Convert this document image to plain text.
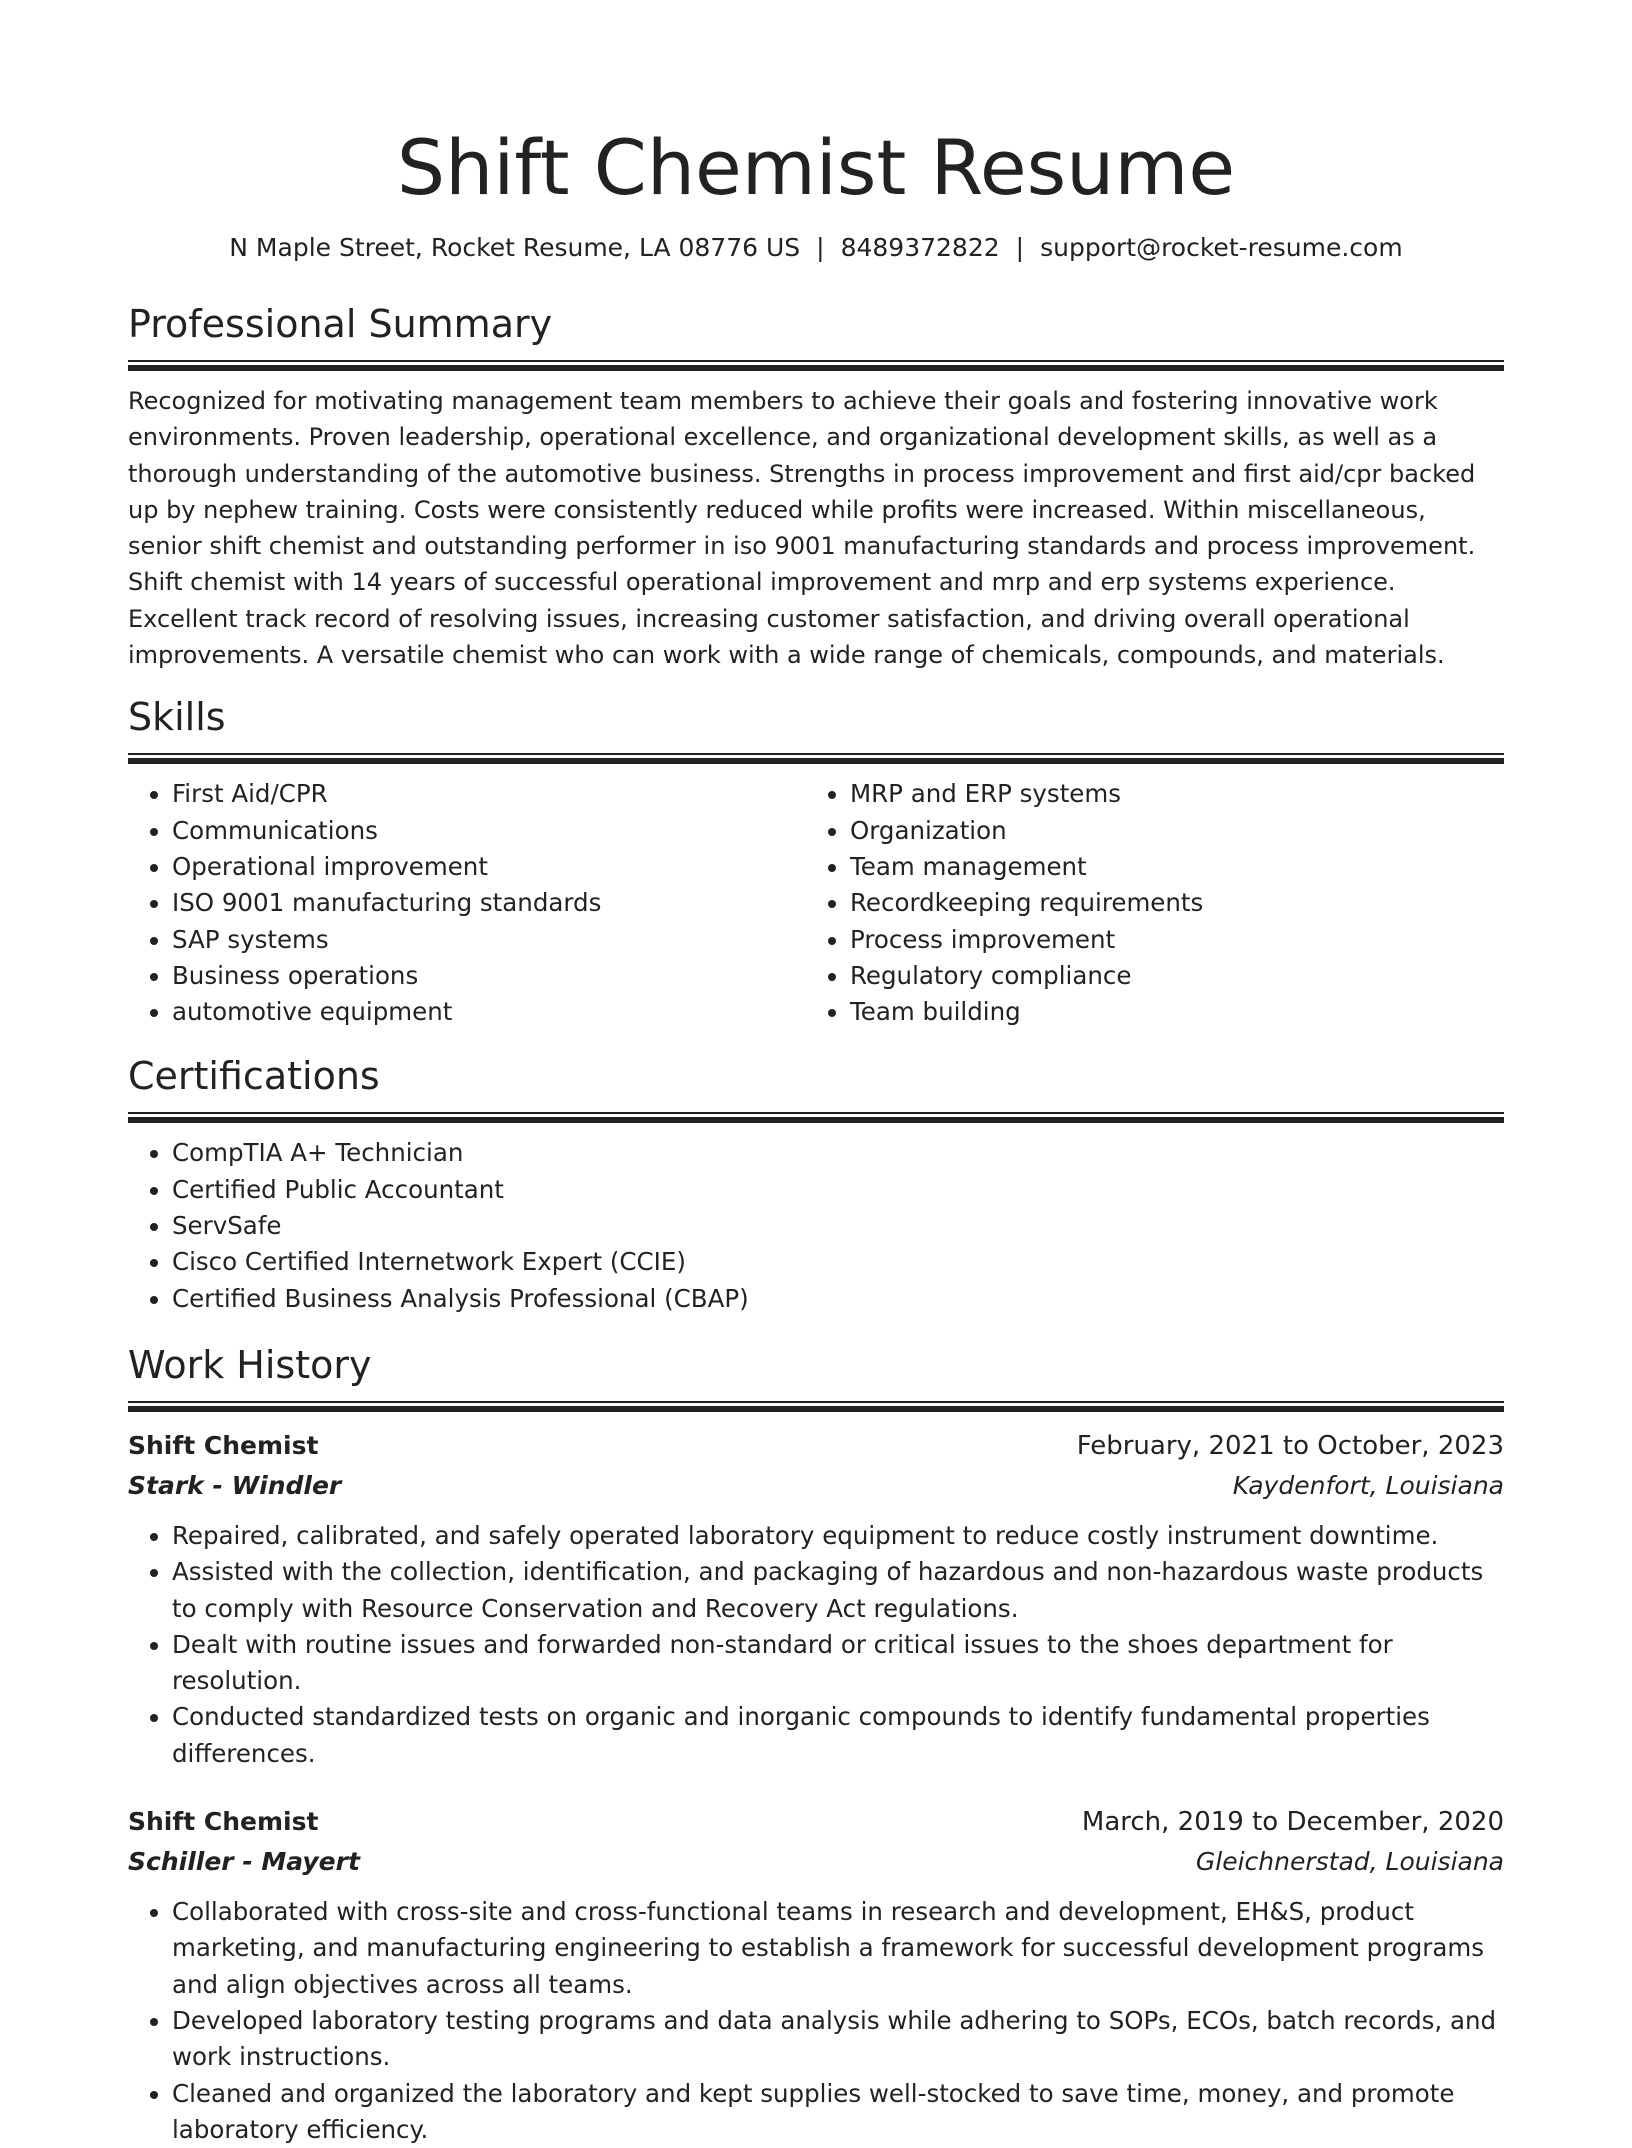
Shift Chemist Resume
N Maple Street, Rocket Resume, LA 08776 US | 8489372822 | support@rocket-resume.com
Professional Summary

Recognized for motivating management team members to achieve their goals and fostering innovative work environments. Proven leadership, operational excellence, and organizational development skills, as well as a thorough understanding of the automotive business. Strengths in process improvement and first aid/cpr backed up by nephew training. Costs were consistently reduced while profits were increased. Within miscellaneous, senior shift chemist and outstanding performer in iso 9001 manufacturing standards and process improvement. Shift chemist with 14 years of successful operational improvement and mrp and erp systems experience. Excellent track record of resolving issues, increasing customer satisfaction, and driving overall operational improvements. A versatile chemist who can work with a wide range of chemicals, compounds, and materials.

Skills
• First Aid/CPR
• Communications
• Operational improvement
• ISO 9001 manufacturing standards
• SAP systems
• Business operations
• automotive equipment
• MRP and ERP systems
• Organization
• Team management
• Recordkeeping requirements
• Process improvement
• Regulatory compliance
• Team building
Certifications
• CompTIA A+ Technician
• Certified Public Accountant
• ServSafe
• Cisco Certified Internetwork Expert (CCIE)
• Certified Business Analysis Professional (CBAP)
Work History
Shift Chemist	February, 2021 to October, 2023
Stark - Windler	Kaydenfort, Louisiana
• Repaired, calibrated, and safely operated laboratory equipment to reduce costly instrument downtime.
• Assisted with the collection, identification, and packaging of hazardous and non-hazardous waste products to comply with Resource Conservation and Recovery Act regulations.
• Dealt with routine issues and forwarded non-standard or critical issues to the shoes department for resolution.
• Conducted standardized tests on organic and inorganic compounds to identify fundamental properties differences.
Shift Chemist	March, 2019 to December, 2020
Schiller - Mayert	Gleichnerstad, Louisiana
• Collaborated with cross-site and cross-functional teams in research and development, EH&S, product marketing, and manufacturing engineering to establish a framework for successful development programs and align objectives across all teams.
• Developed laboratory testing programs and data analysis while adhering to SOPs, ECOs, batch records, and work instructions.
• Cleaned and organized the laboratory and kept supplies well-stocked to save time, money, and promote laboratory efficiency.
